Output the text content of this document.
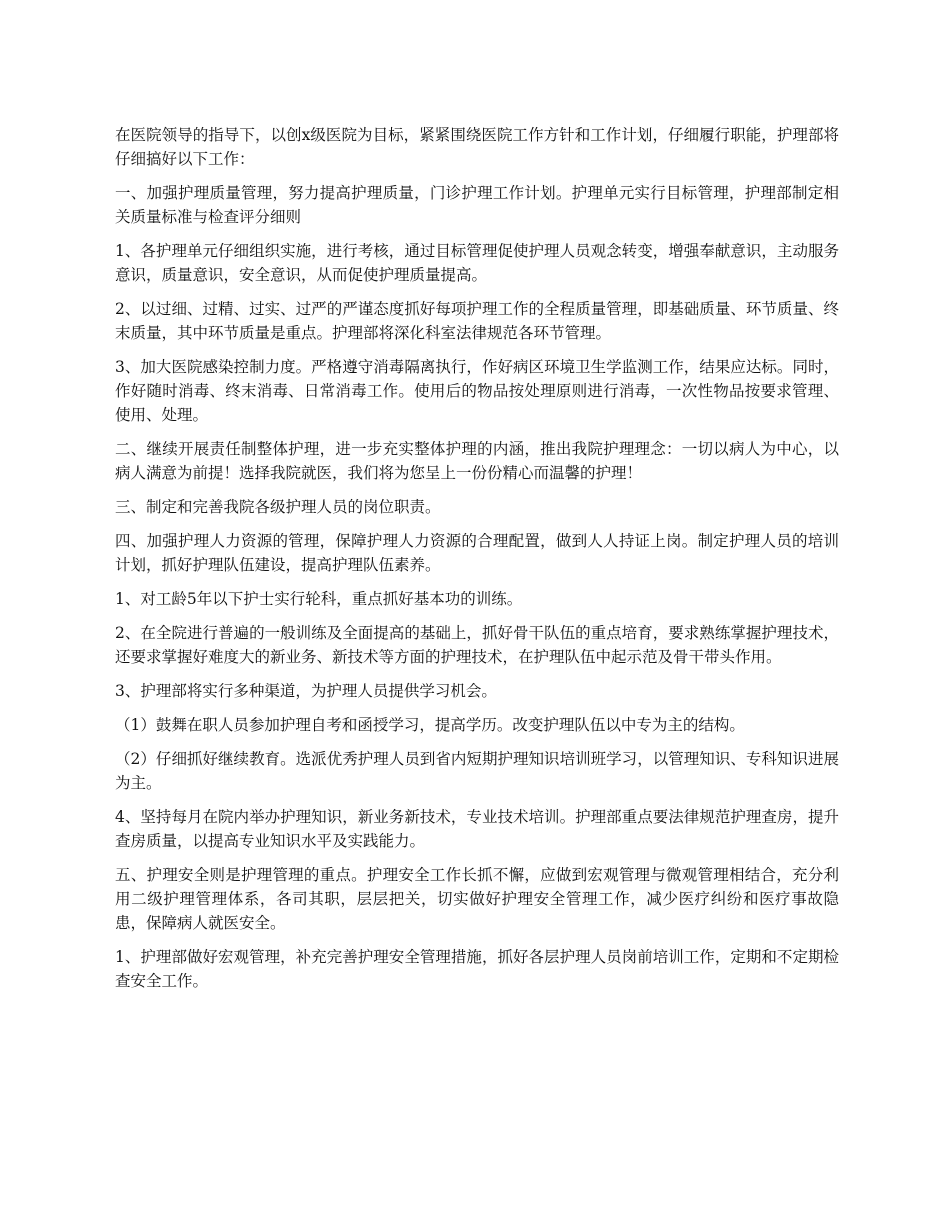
在医院领导的指导下，以创x级医院为目标，紧紧围绕医院工作方针和工作计划，仔细履行职能，护理部将仔细搞好以下工作：

一、加强护理质量管理，努力提高护理质量，门诊护理工作计划。护理单元实行目标管理，护理部制定相关质量标准与检查评分细则

1、各护理单元仔细组织实施，进行考核，通过目标管理促使护理人员观念转变，增强奉献意识，主动服务意识，质量意识，安全意识，从而促使护理质量提高。

2、以过细、过精、过实、过严的严谨态度抓好每项护理工作的全程质量管理，即基础质量、环节质量、终末质量，其中环节质量是重点。护理部将深化科室法律规范各环节管理。

3、加大医院感染控制力度。严格遵守消毒隔离执行，作好病区环境卫生学监测工作，结果应达标。同时，作好随时消毒、终末消毒、日常消毒工作。使用后的物品按处理原则进行消毒，一次性物品按要求管理、使用、处理。

二、继续开展责任制整体护理，进一步充实整体护理的内涵，推出我院护理理念：一切以病人为中心，以病人满意为前提！选择我院就医，我们将为您呈上一份份精心而温馨的护理！

三、制定和完善我院各级护理人员的岗位职责。

四、加强护理人力资源的管理，保障护理人力资源的合理配置，做到人人持证上岗。制定护理人员的培训计划，抓好护理队伍建设，提高护理队伍素养。

1、对工龄5年以下护士实行轮科，重点抓好基本功的训练。

2、在全院进行普遍的一般训练及全面提高的基础上，抓好骨干队伍的重点培育，要求熟练掌握护理技术，还要求掌握好难度大的新业务、新技术等方面的护理技术，在护理队伍中起示范及骨干带头作用。

3、护理部将实行多种渠道，为护理人员提供学习机会。

（1）鼓舞在职人员参加护理自考和函授学习，提高学历。改变护理队伍以中专为主的结构。

（2）仔细抓好继续教育。选派优秀护理人员到省内短期护理知识培训班学习，以管理知识、专科知识进展为主。

4、坚持每月在院内举办护理知识，新业务新技术，专业技术培训。护理部重点要法律规范护理查房，提升查房质量，以提高专业知识水平及实践能力。

五、护理安全则是护理管理的重点。护理安全工作长抓不懈，应做到宏观管理与微观管理相结合，充分利用二级护理管理体系，各司其职，层层把关，切实做好护理安全管理工作，减少医疗纠纷和医疗事故隐患，保障病人就医安全。

1、护理部做好宏观管理，补充完善护理安全管理措施，抓好各层护理人员岗前培训工作，定期和不定期检查安全工作。
